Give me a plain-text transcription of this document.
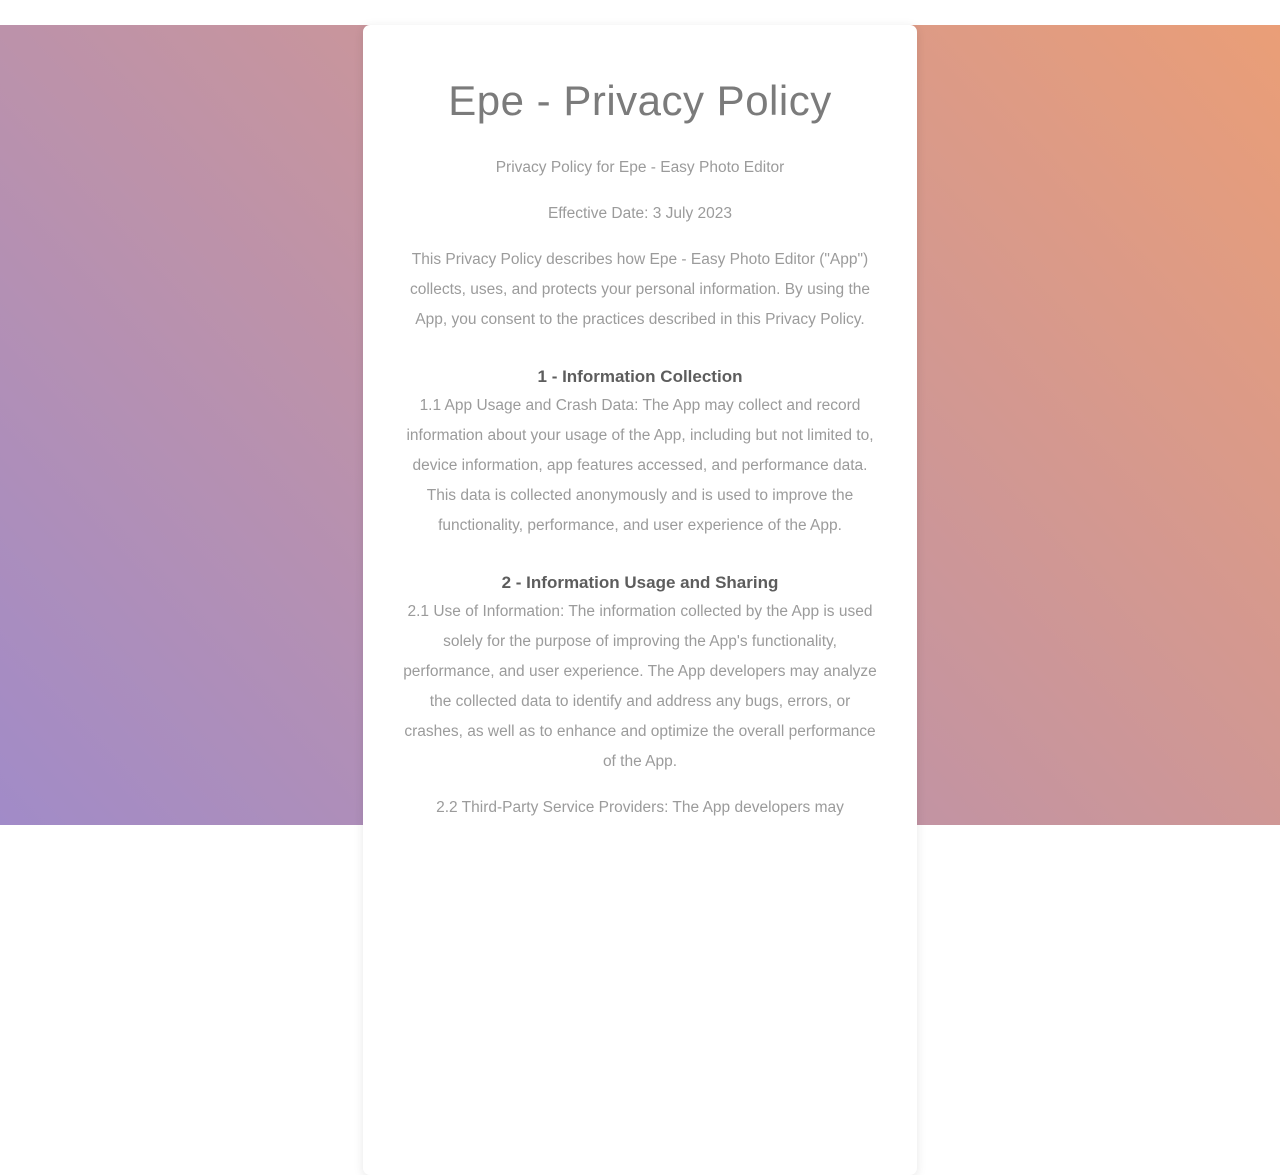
Epe - Privacy Policy

Privacy Policy for Epe - Easy Photo Editor

Effective Date: 3 July 2023

This Privacy Policy describes how Epe - Easy Photo Editor ("App") collects, uses, and protects your personal information. By using the App, you consent to the practices described in this Privacy Policy.

1 - Information Collection

1.1 App Usage and Crash Data: The App may collect and record information about your usage of the App, including but not limited to, device information, app features accessed, and performance data. This data is collected anonymously and is used to improve the functionality, performance, and user experience of the App.

2 - Information Usage and Sharing

2.1 Use of Information: The information collected by the App is used solely for the purpose of improving the App's functionality, performance, and user experience. The App developers may analyze the collected data to identify and address any bugs, errors, or crashes, as well as to enhance and optimize the overall performance of the App.

2.2 Third-Party Service Providers: The App developers may
